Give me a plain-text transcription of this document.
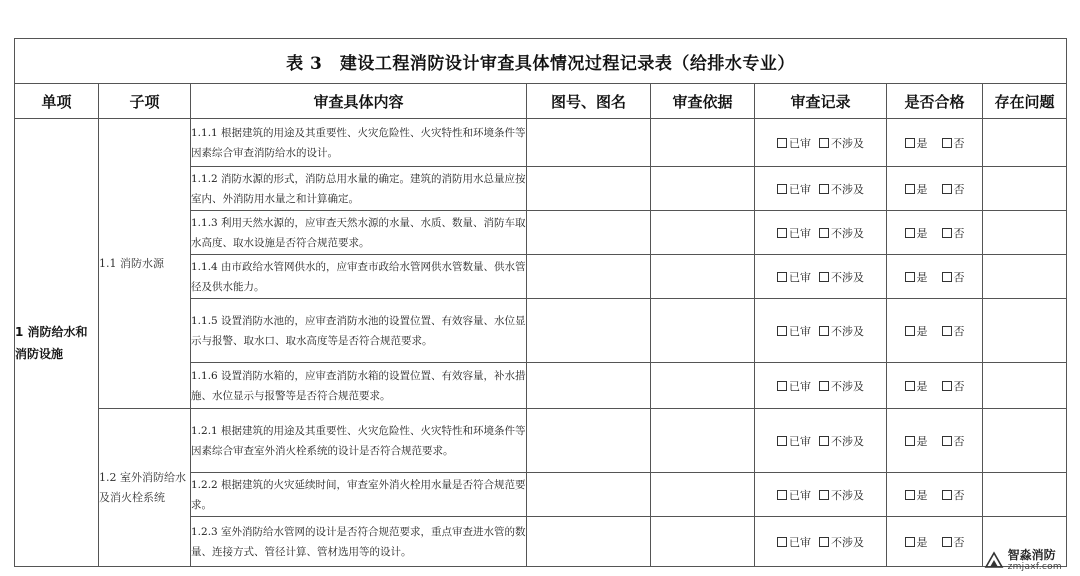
表 3　建设工程消防设计审查具体情况过程记录表（给排水专业）							
单项	子项	审查具体内容	图号、图名	审查依据	审查记录	是否合格	存在问题
1 消防给水和消防设施	1.1 消防水源	1.1.1 根据建筑的用途及其重要性、火灾危险性、火灾特性和环境条件等因素综合审查消防给水的设计。			已审 不涉及	是 否	
		1.1.2 消防水源的形式，消防总用水量的确定。建筑的消防用水总量应按室内、外消防用水量之和计算确定。			已审 不涉及	是 否	
		1.1.3 利用天然水源的，应审查天然水源的水量、水质、数量、消防车取水高度、取水设施是否符合规范要求。			已审 不涉及	是 否	
		1.1.4 由市政给水管网供水的，应审查市政给水管网供水管数量、供水管径及供水能力。			已审 不涉及	是 否	
		1.1.5 设置消防水池的，应审查消防水池的设置位置、有效容量、水位显示与报警、取水口、取水高度等是否符合规范要求。			已审 不涉及	是 否	
		1.1.6 设置消防水箱的，应审查消防水箱的设置位置、有效容量，补水措施、水位显示与报警等是否符合规范要求。			已审 不涉及	是 否	
	1.2 室外消防给水及消火栓系统	1.2.1 根据建筑的用途及其重要性、火灾危险性、火灾特性和环境条件等因素综合审查室外消火栓系统的设计是否符合规范要求。			已审 不涉及	是 否	
		1.2.2 根据建筑的火灾延续时间，审查室外消火栓用水量是否符合规范要求。			已审 不涉及	是 否	
		1.2.3 室外消防给水管网的设计是否符合规范要求，重点审查进水管的数量、连接方式、管径计算、管材选用等的设计。			已审 不涉及	是 否	
智淼消防
zmjaxf.com
